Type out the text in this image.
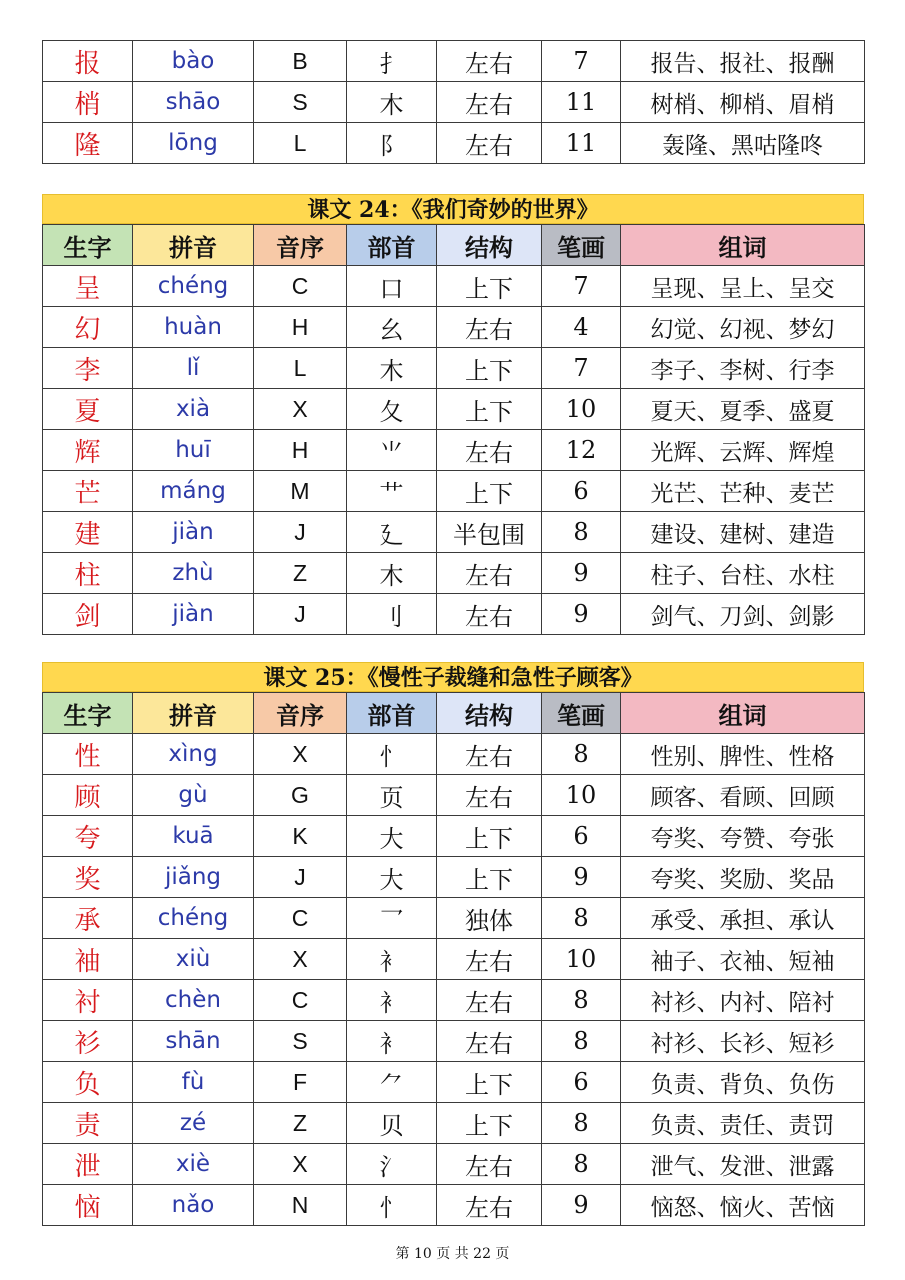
报	bào	B	扌	左右	7	报告、报社、报酬
梢	shāo	S	木	左右	11	树梢、柳梢、眉梢
隆	lōng	L	阝	左右	11	轰隆、黑咕隆咚
课文 24：《我们奇妙的世界》
生字	拼音	音序	部首	结构	笔画	组词
呈	chéng	C	口	上下	7	呈现、呈上、呈交
幻	huàn	H	幺	左右	4	幻觉、幻视、梦幻
李	lǐ	L	木	上下	7	李子、李树、行李
夏	xià	X	夂	上下	10	夏天、夏季、盛夏
辉	huī	H	⺌	左右	12	光辉、云辉、辉煌
芒	máng	M	艹	上下	6	光芒、芒种、麦芒
建	jiàn	J	廴	半包围	8	建设、建树、建造
柱	zhù	Z	木	左右	9	柱子、台柱、水柱
剑	jiàn	J	刂	左右	9	剑气、刀剑、剑影
课文 25：《慢性子裁缝和急性子顾客》
生字	拼音	音序	部首	结构	笔画	组词
性	xìng	X	忄	左右	8	性别、脾性、性格
顾	gù	G	页	左右	10	顾客、看顾、回顾
夸	kuā	K	大	上下	6	夸奖、夸赞、夸张
奖	jiǎng	J	大	上下	9	夸奖、奖励、奖品
承	chéng	C	乛	独体	8	承受、承担、承认
袖	xiù	X	衤	左右	10	袖子、衣袖、短袖
衬	chèn	C	衤	左右	8	衬衫、内衬、陪衬
衫	shān	S	衤	左右	8	衬衫、长衫、短衫
负	fù	F	⺈	上下	6	负责、背负、负伤
责	zé	Z	贝	上下	8	负责、责任、责罚
泄	xiè	X	氵	左右	8	泄气、发泄、泄露
恼	nǎo	N	忄	左右	9	恼怒、恼火、苦恼
第 10 页 共 22 页
